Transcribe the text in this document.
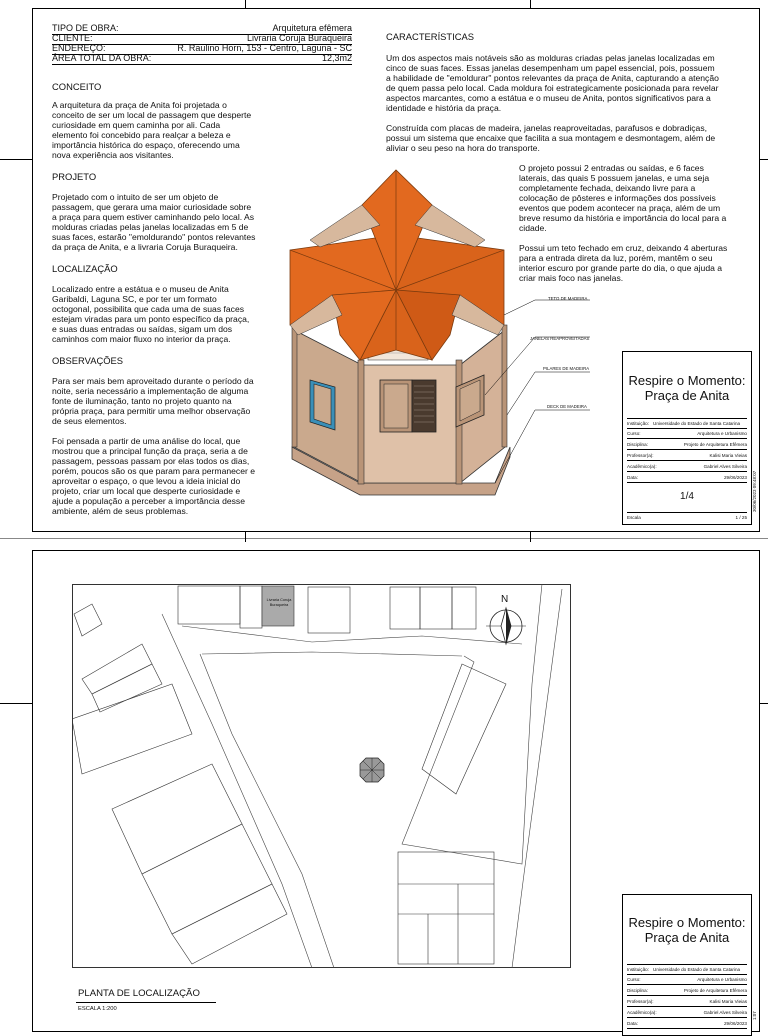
TIPO DE OBRA:	Arquitetura efêmera
CLIENTE:	Livraria Coruja Buraqueira
ENDEREÇO:	R. Raulino Horn, 153 - Centro, Laguna - SC
ÁREA TOTAL DA OBRA:	12,3m2
CONCEITO
A arquitetura da praça de Anita foi projetada o
conceito de ser um local de passagem que desperte
curiosidade em quem caminha por ali. Cada
elemento foi concebido para realçar a beleza e
importância histórica do espaço, oferecendo uma
nova experiência aos visitantes.
PROJETO
Projetado com o intuito de ser um objeto de
passagem, que gerara uma maior curiosidade sobre
a praça para quem estiver caminhando pelo local. As
molduras criadas pelas janelas localizadas em 5 de
suas faces, estarão "emoldurando" pontos relevantes
da praça de Anita, e a livraria Coruja Buraqueira.
LOCALIZAÇÃO
Localizado entre a estátua e o museu de Anita
Garibaldi, Laguna SC, e por ter um formato
octogonal, possibilita que cada uma de suas faces
estejam viradas para um ponto específico da praça,
e suas duas entradas ou saídas, sigam um dos
caminhos com maior fluxo no interior da praça.
OBSERVAÇÕES
Para ser mais bem aproveitado durante o período da
noite, seria necessário a implementação de alguma
fonte de iluminação, tanto no projeto quanto na
própria praça, para permitir uma melhor observação
de seus elementos.
Foi pensada a partir de uma análise do local, que
mostrou que a principal função da praça, seria a de
passagem, pessoas passam por elas todos os dias,
porém, poucos são os que param para permanecer e
aproveitar o espaço, o que levou a ideia inicial do
projeto, criar um local que desperte curiosidade e
ajude a população a perceber a importância desse
ambiente, além de seus problemas.
CARACTERÍSTICAS
Um dos aspectos mais notáveis são as molduras criadas pelas janelas localizadas em
cinco de suas faces. Essas janelas desempenham um papel essencial, pois, possuem
a habilidade de "emoldurar" pontos relevantes da praça de Anita, capturando a atenção
de quem passa pelo local. Cada moldura foi estrategicamente posicionada para revelar
aspectos marcantes, como a estátua e o museu de Anita, pontos significativos para a
identidade e história da praça.
Construída com placas de madeira, janelas reaproveitadas, parafusos e dobradiças,
possui um sistema que encaixe que facilita a sua montagem e desmontagem, além de
aliviar o seu peso na hora do transporte.
O projeto possui 2 entradas ou saídas, e 6 faces
laterais, das quais 5 possuem janelas, e uma seja
completamente fechada, deixando livre para a
colocação de pôsteres e informações dos possíveis
eventos que podem acontecer na praça, além de um
breve resumo da história e importância do local para a
cidade.
Possui um teto fechado em cruz, deixando 4 aberturas
para a entrada direta da luz, porém, mantêm o seu
interior escuro por grande parte do dia, o que ajuda a
criar mais foco nas janelas.
TETO DE MADEIRA
JANELAS REAPROVEITADAS
PILARES DE MADEIRA
DECK DE MADEIRA
Respire o Momento:
Praça de Anita
Instituição: Universidade do Estado de Santa Catarina
Curso:	Arquitetura e Urbanismo
Disciplina:	Projeto de Arquitetura Efêmera
Professor(a):	Kalisi Maria Vieias
Acadêmico(a):	Gabriel Alves Silveira
Data:	29/06/2023
1/4
Escala	1 / 25
30/06/2023 09:48:07
Livraria Coruja
Buraqueira	N
PLANTA DE LOCALIZAÇÃO
ESCALA 1:200
Respire o Momento:
Praça de Anita
Instituição: Universidade do Estado de Santa Catarina
Curso:	Arquitetura e Urbanismo
Disciplina:	Projeto de Arquitetura Efêmera
Professor(a):	Kalisi Maria Vieias
Acadêmico(a):	Gabriel Alves Silveira
Data:	29/06/2023
1:07
